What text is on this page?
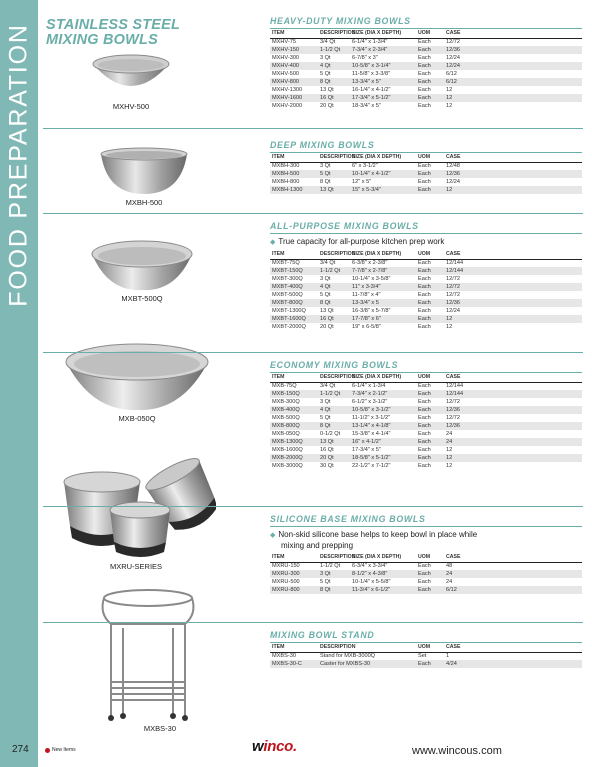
FOOD PREPARATION STAINLESS STEEL
MIXING BOWLS
MXHV-500
MXBH-500
MXBT-500Q
MXB-050Q
MXRU-SERIES
MXBS-30
HEAVY-DUTY MIXING BOWLS
ITEM	DESCRIPTION	SIZE (DIA X DEPTH)	UOM	CASE	
MXHV-75	3/4 Qt	6-1/4" x 1-3/4"	Each	12/72	
MXHV-150	1-1/2 Qt	7-3/4" x 2-3/4"	Each	12/36	
MXHV-300	3 Qt	6-7/8" x 3"	Each	12/24	
MXHV-400	4 Qt	10-5/8" x 3-1/4"	Each	12/24	
MXHV-500	5 Qt	11-5/8" x 3-3/8"	Each	6/12	
MXHV-800	8 Qt	13-3/4" x 5"	Each	6/12	
MXHV-1300	13 Qt	16-1/4" x 4-1/2"	Each	12	
MXHV-1600	16 Qt	17-3/4" x 5-1/2"	Each	12	
MXHV-2000	20 Qt	18-3/4" x 5"	Each	12	
DEEP MIXING BOWLS
ITEM	DESCRIPTION	SIZE (DIA X DEPTH)	UOM	CASE	
MXBH-300	3 Qt	6" x 3-1/2"	Each	12/48	
MXBH-500	5 Qt	10-1/4" x 4-1/2"	Each	12/36	
MXBH-800	8 Qt	12" x 5"	Each	12/24	
MXBH-1300	13 Qt	15" x 5-3/4"	Each	12	
ALL-PURPOSE MIXING BOWLS
◆ True capacity for all-purpose kitchen prep work
ITEM	DESCRIPTION	SIZE (DIA X DEPTH)	UOM	CASE	
MXBT-75Q	3/4 Qt	6-3/8" x 2-3/8"	Each	12/144	
MXBT-150Q	1-1/2 Qt	7-7/8" x 2-7/8"	Each	12/144	
MXBT-300Q	3 Qt	10-1/4" x 3-5/8"	Each	12/72	
MXBT-400Q	4 Qt	11" x 3-3/4"	Each	12/72	
MXBT-500Q	5 Qt	11-7/8" x 4"	Each	12/72	
MXBT-800Q	8 Qt	13-3/4" x 5	Each	12/36	
MXBT-1300Q	13 Qt	16-3/8" x 5-7/8"	Each	12/24	
MXBT-1600Q	16 Qt	17-7/8" x 6"	Each	12	
MXBT-2000Q	20 Qt	19" x 6-5/8"	Each	12	
ECONOMY MIXING BOWLS
ITEM	DESCRIPTION	SIZE (DIA X DEPTH)	UOM	CASE	
MXB-75Q	3/4 Qt	6-1/4" x 1-3/4	Each	12/144	
MXB-150Q	1-1/2 Qt	7-3/4" x 2-1/2"	Each	12/144	
MXB-300Q	3 Qt	6-1/2" x 3-1/2"	Each	12/72	
MXB-400Q	4 Qt	10-5/8" x 3-1/2"	Each	12/36	
MXB-500Q	5 Qt	11-1/2" x 3-1/2"	Each	12/72	
MXB-800Q	8 Qt	13-1/4" x 4-1/8"	Each	12/36	
MXB-050Q	0-1/2 Qt	15-3/8" x 4-1/4"	Each	24	
MXB-1300Q	13 Qt	16" x 4-1/2"	Each	24	
MXB-1600Q	16 Qt	17-3/4" x 5"	Each	12	
MXB-2000Q	20 Qt	18-5/8" x 5-1/2"	Each	12	
MXB-3000Q	30 Qt	22-1/2" x 7-1/2"	Each	12	
SILICONE BASE MIXING BOWLS
◆ Non-skid silicone base helps to keep bowl in place while
mixing and prepping
ITEM	DESCRIPTION	SIZE (DIA X DEPTH)	UOM	CASE	
MXRU-150	1-1/2 Qt	6-3/4" x 3-3/4"	Each	48	
MXRU-300	3 Qt	8-1/2" x 4-3/8"	Each	24	
MXRU-500	5 Qt	10-1/4" x 5-5/8"	Each	24	
MXRU-800	8 Qt	11-3/4" x 6-1/2"	Each	6/12	
MIXING BOWL STAND
ITEM	DESCRIPTION		UOM	CASE	
MXBS-30	Stand for MXB-3000Q		Set	1	
MXBS-30-C	Caster for MXBS-30		Each	4/24	
274	New Items	winco.	www.wincous.com
